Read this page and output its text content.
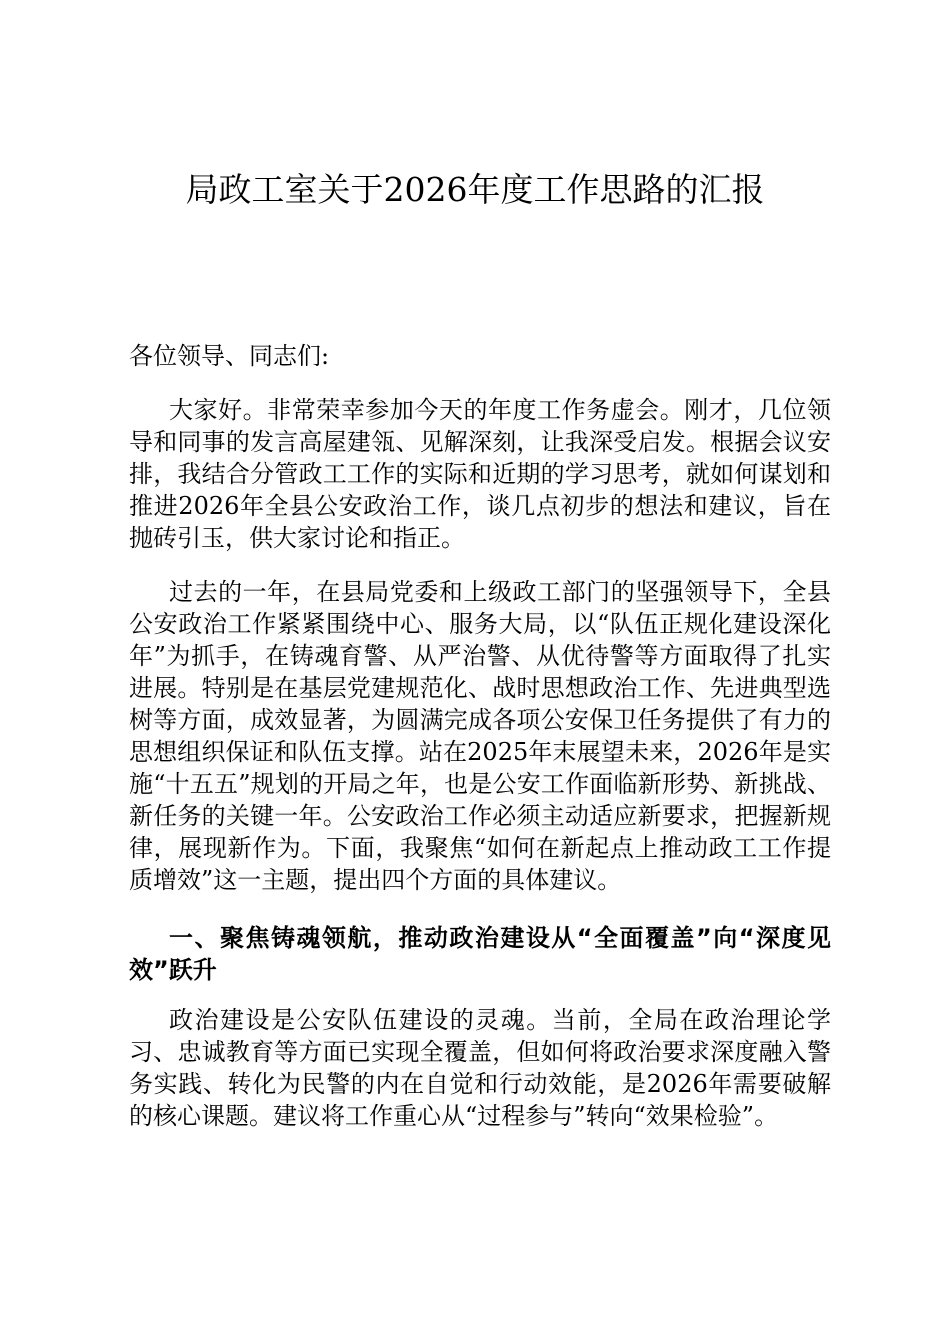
局政工室关于2026年度工作思路的汇报

各位领导、同志们:

大家好。非常荣幸参加今天的年度工作务虚会。刚才，几位领导和同事的发言高屋建瓴、见解深刻，让我深受启发。根据会议安排，我结合分管政工工作的实际和近期的学习思考，就如何谋划和推进2026年全县公安政治工作，谈几点初步的想法和建议，旨在抛砖引玉，供大家讨论和指正。

过去的一年，在县局党委和上级政工部门的坚强领导下，全县公安政治工作紧紧围绕中心、服务大局，以“队伍正规化建设深化年”为抓手，在铸魂育警、从严治警、从优待警等方面取得了扎实进展。特别是在基层党建规范化、战时思想政治工作、先进典型选树等方面，成效显著，为圆满完成各项公安保卫任务提供了有力的思想组织保证和队伍支撑。站在2025年末展望未来，2026年是实施“十五五”规划的开局之年，也是公安工作面临新形势、新挑战、新任务的关键一年。公安政治工作必须主动适应新要求，把握新规律，展现新作为。下面，我聚焦“如何在新起点上推动政工工作提质增效”这一主题，提出四个方面的具体建议。

一、聚焦铸魂领航，推动政治建设从“全面覆盖”向“深度见效”跃升

政治建设是公安队伍建设的灵魂。当前，全局在政治理论学习、忠诚教育等方面已实现全覆盖，但如何将政治要求深度融入警务实践、转化为民警的内在自觉和行动效能，是2026年需要破解的核心课题。建议将工作重心从“过程参与”转向“效果检验”。
